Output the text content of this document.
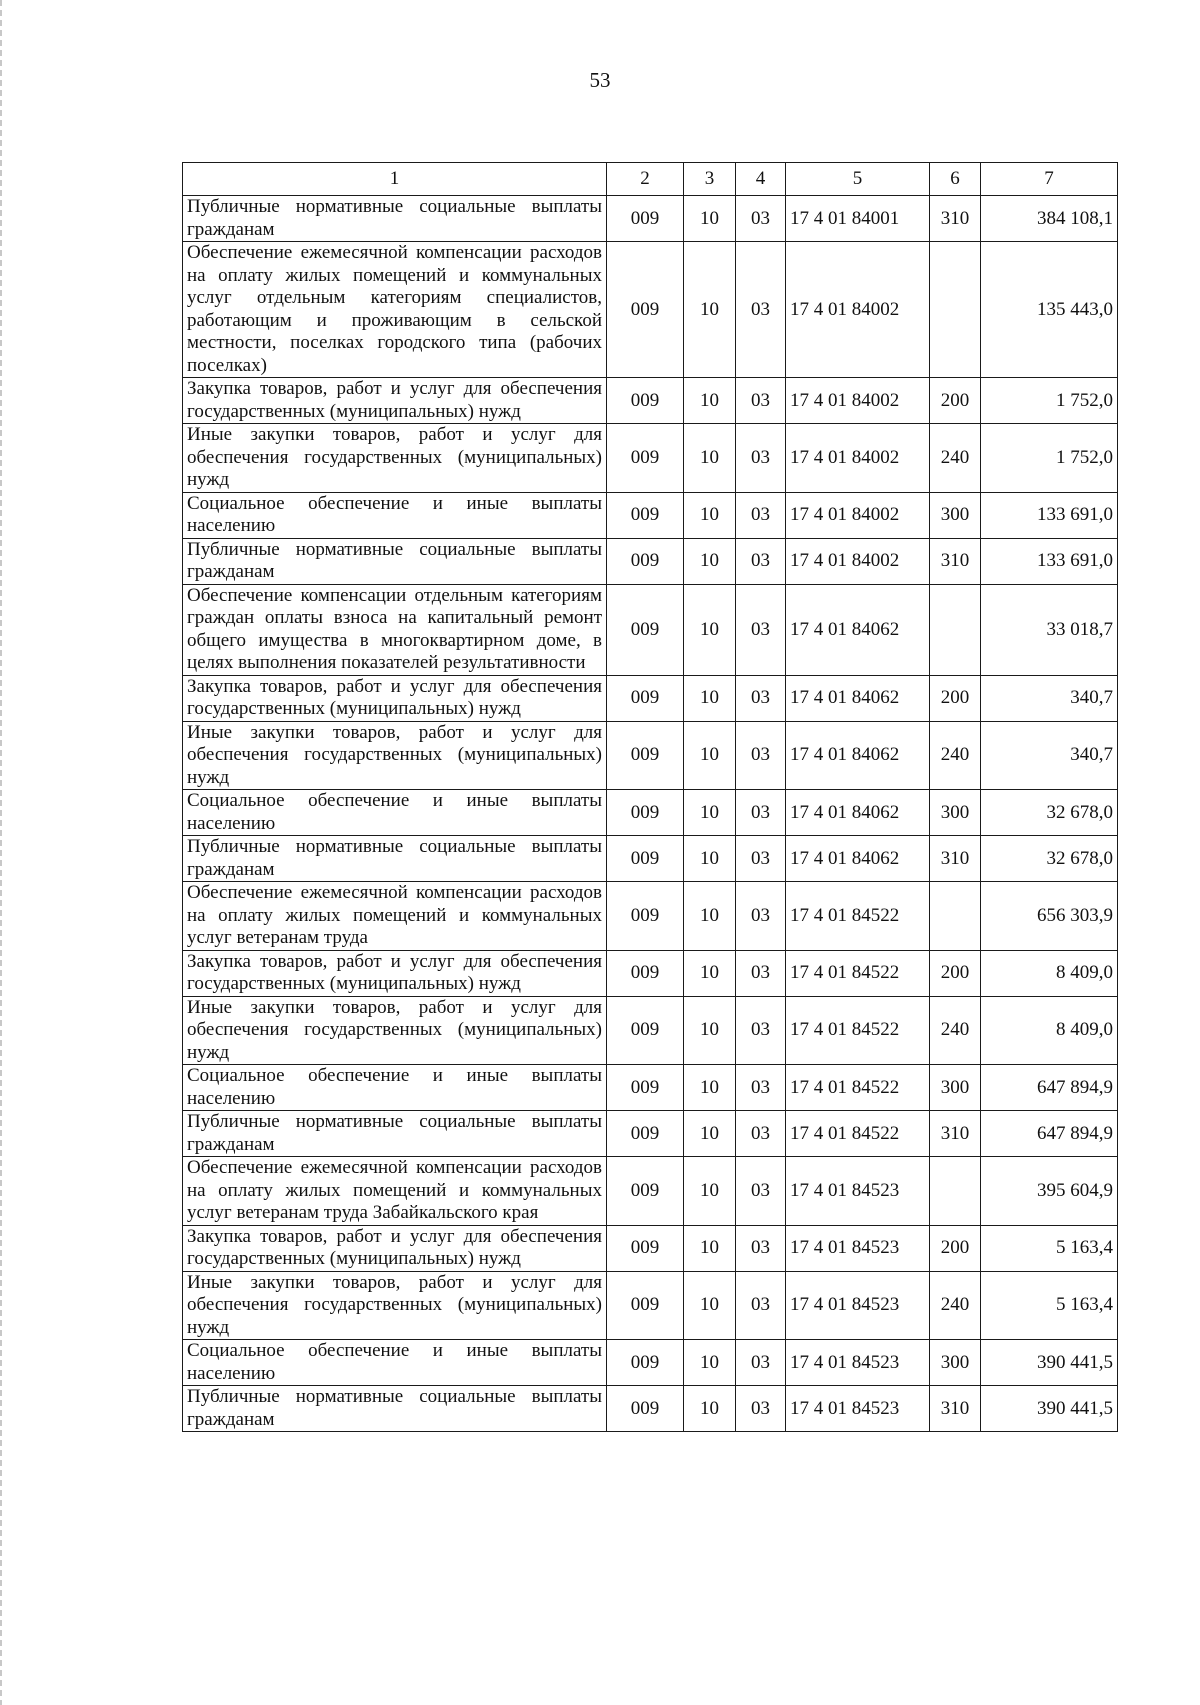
53
1	2	3	4	5	6	7
Публичные нормативные социальные выплаты гражданам	009	10	03	17 4 01 84001	310	384 108,1
Обеспечение ежемесячной компенсации расходов на оплату жилых помещений и коммунальных услуг отдельным категориям специалистов, работающим и проживающим в сельской местности, поселках городского типа (рабочих поселках)	009	10	03	17 4 01 84002		135 443,0
Закупка товаров, работ и услуг для обеспечения государственных (муниципальных) нужд	009	10	03	17 4 01 84002	200	1 752,0
Иные закупки товаров, работ и услуг для обеспечения государственных (муниципальных) нужд	009	10	03	17 4 01 84002	240	1 752,0
Социальное обеспечение и иные выплаты населению	009	10	03	17 4 01 84002	300	133 691,0
Публичные нормативные социальные выплаты гражданам	009	10	03	17 4 01 84002	310	133 691,0
Обеспечение компенсации отдельным категориям граждан оплаты взноса на капитальный ремонт общего имущества в многоквартирном доме, в целях выполнения показателей результативности	009	10	03	17 4 01 84062		33 018,7
Закупка товаров, работ и услуг для обеспечения государственных (муниципальных) нужд	009	10	03	17 4 01 84062	200	340,7
Иные закупки товаров, работ и услуг для обеспечения государственных (муниципальных) нужд	009	10	03	17 4 01 84062	240	340,7
Социальное обеспечение и иные выплаты населению	009	10	03	17 4 01 84062	300	32 678,0
Публичные нормативные социальные выплаты гражданам	009	10	03	17 4 01 84062	310	32 678,0
Обеспечение ежемесячной компенсации расходов на оплату жилых помещений и коммунальных услуг ветеранам труда	009	10	03	17 4 01 84522		656 303,9
Закупка товаров, работ и услуг для обеспечения государственных (муниципальных) нужд	009	10	03	17 4 01 84522	200	8 409,0
Иные закупки товаров, работ и услуг для обеспечения государственных (муниципальных) нужд	009	10	03	17 4 01 84522	240	8 409,0
Социальное обеспечение и иные выплаты населению	009	10	03	17 4 01 84522	300	647 894,9
Публичные нормативные социальные выплаты гражданам	009	10	03	17 4 01 84522	310	647 894,9
Обеспечение ежемесячной компенсации расходов на оплату жилых помещений и коммунальных услуг ветеранам труда Забайкальского края	009	10	03	17 4 01 84523		395 604,9
Закупка товаров, работ и услуг для обеспечения государственных (муниципальных) нужд	009	10	03	17 4 01 84523	200	5 163,4
Иные закупки товаров, работ и услуг для обеспечения государственных (муниципальных) нужд	009	10	03	17 4 01 84523	240	5 163,4
Социальное обеспечение и иные выплаты населению	009	10	03	17 4 01 84523	300	390 441,5
Публичные нормативные социальные выплаты гражданам	009	10	03	17 4 01 84523	310	390 441,5
